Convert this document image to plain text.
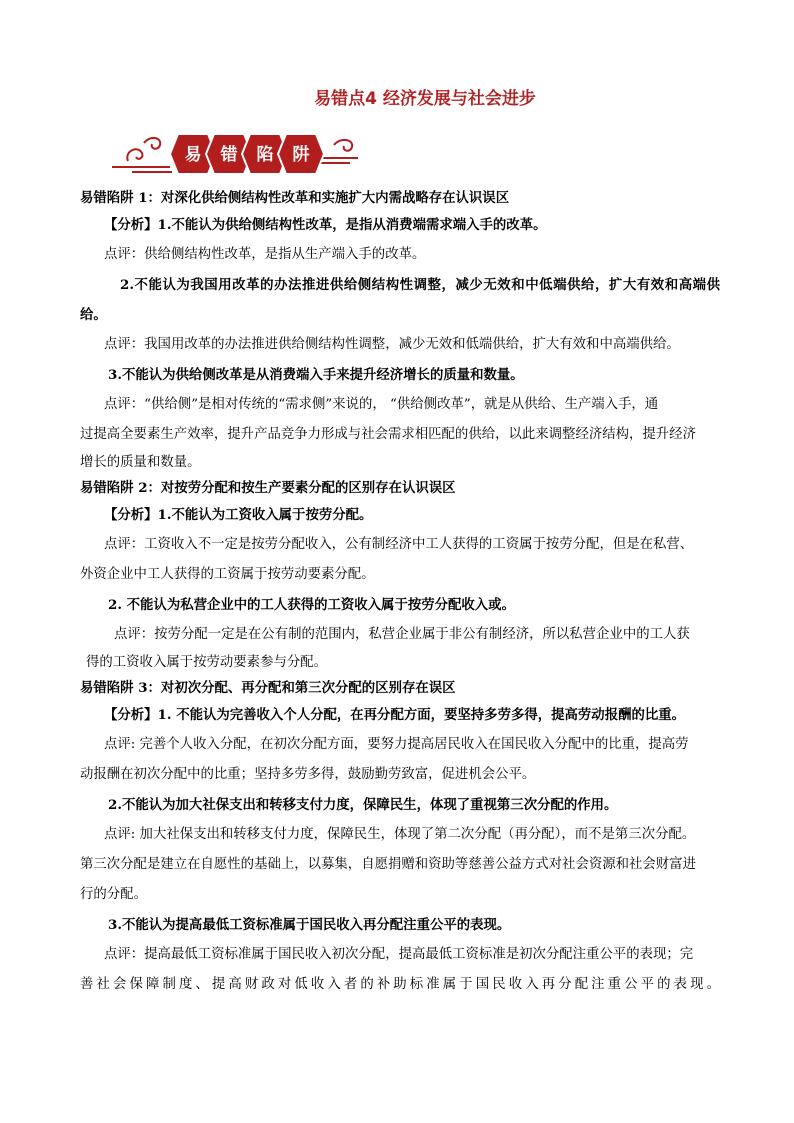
易错点4 经济发展与社会进步
易 错 陷 阱

易错陷阱 1：对深化供给侧结构性改革和实施扩大内需战略存在认识误区

【分析】1.不能认为供给侧结构性改革，是指从消费端需求端入手的改革。

点评：供给侧结构性改革，是指从生产端入手的改革。

2.不能认为我国用改革的办法推进供给侧结构性调整，减少无效和中低端供给，扩大有效和高端供

给。

点评：我国用改革的办法推进供给侧结构性调整，减少无效和低端供给，扩大有效和中高端供给。

3.不能认为供给侧改革是从消费端入手来提升经济增长的质量和数量。

点评：“供给侧”是相对传统的“需求侧”来说的， “供给侧改革”，就是从供给、生产端入手，通

过提高全要素生产效率，提升产品竞争力形成与社会需求相匹配的供给，以此来调整经济结构，提升经济

增长的质量和数量。

易错陷阱 2：对按劳分配和按生产要素分配的区别存在认识误区

【分析】1.不能认为工资收入属于按劳分配。

点评：工资收入不一定是按劳分配收入，公有制经济中工人获得的工资属于按劳分配，但是在私营、

外资企业中工人获得的工资属于按劳动要素分配。

2. 不能认为私营企业中的工人获得的工资收入属于按劳分配收入或。

点评：按劳分配一定是在公有制的范围内，私营企业属于非公有制经济，所以私营企业中的工人获

得的工资收入属于按劳动要素参与分配。

易错陷阱 3：对初次分配、再分配和第三次分配的区别存在误区

【分析】1. 不能认为完善收入个人分配，在再分配方面，要坚持多劳多得，提高劳动报酬的比重。

点评: 完善个人收入分配，在初次分配方面，要努力提高居民收入在国民收入分配中的比重，提高劳

动报酬在初次分配中的比重；坚持多劳多得，鼓励勤劳致富，促进机会公平。

2.不能认为加大社保支出和转移支付力度，保障民生，体现了重视第三次分配的作用。

点评: 加大社保支出和转移支付力度，保障民生，体现了第二次分配（再分配），而不是第三次分配。

第三次分配是建立在自愿性的基础上，以募集，自愿捐赠和资助等慈善公益方式对社会资源和社会财富进

行的分配。

3.不能认为提高最低工资标准属于国民收入再分配注重公平的表现。

点评：提高最低工资标准属于国民收入初次分配，提高最低工资标准是初次分配注重公平的表现；完

善社会保障制度、提高财政对低收入者的补助标准属于国民收入再分配注重公平的表现。
